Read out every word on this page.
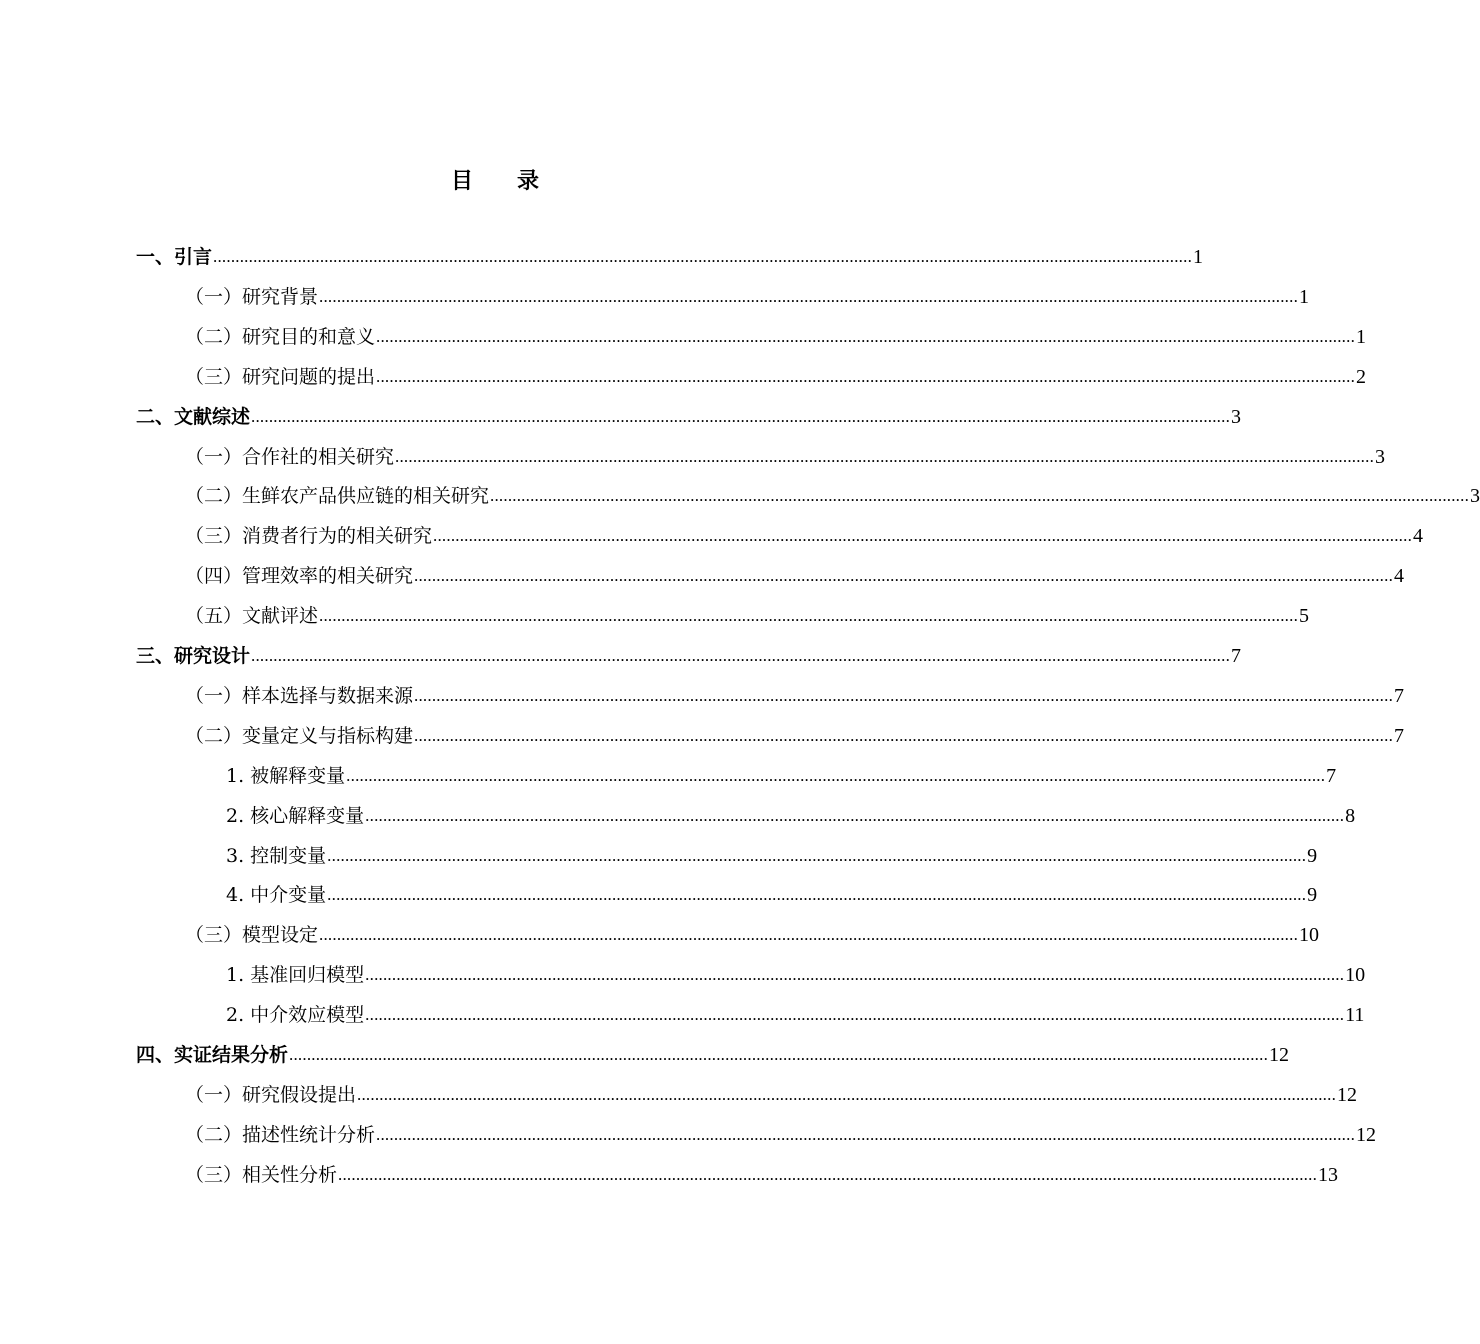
目　　录
一、引言 ............................................................................................................................................................................................................................ 1
（一）研究背景 ............................................................................................................................................................................................................................ 1
（二）研究目的和意义 ............................................................................................................................................................................................................................ 1
（三）研究问题的提出 ............................................................................................................................................................................................................................ 2
二、文献综述 ............................................................................................................................................................................................................................ 3
（一）合作社的相关研究 ............................................................................................................................................................................................................................ 3
（二）生鲜农产品供应链的相关研究 ............................................................................................................................................................................................................................ 3
（三）消费者行为的相关研究 ............................................................................................................................................................................................................................ 4
（四）管理效率的相关研究 ............................................................................................................................................................................................................................ 4
（五）文献评述 ............................................................................................................................................................................................................................ 5
三、研究设计 ............................................................................................................................................................................................................................ 7
（一）样本选择与数据来源 ............................................................................................................................................................................................................................ 7
（二）变量定义与指标构建 ............................................................................................................................................................................................................................ 7
1. 被解释变量 ............................................................................................................................................................................................................................ 7
2. 核心解释变量 ............................................................................................................................................................................................................................ 8
3. 控制变量 ............................................................................................................................................................................................................................ 9
4. 中介变量 ............................................................................................................................................................................................................................ 9
（三）模型设定 ............................................................................................................................................................................................................................ 10
1. 基准回归模型 ............................................................................................................................................................................................................................ 10
2. 中介效应模型 ............................................................................................................................................................................................................................ 11
四、实证结果分析 ............................................................................................................................................................................................................................ 12
（一）研究假设提出 ............................................................................................................................................................................................................................ 12
（二）描述性统计分析 ............................................................................................................................................................................................................................ 12
（三）相关性分析 ............................................................................................................................................................................................................................ 13
